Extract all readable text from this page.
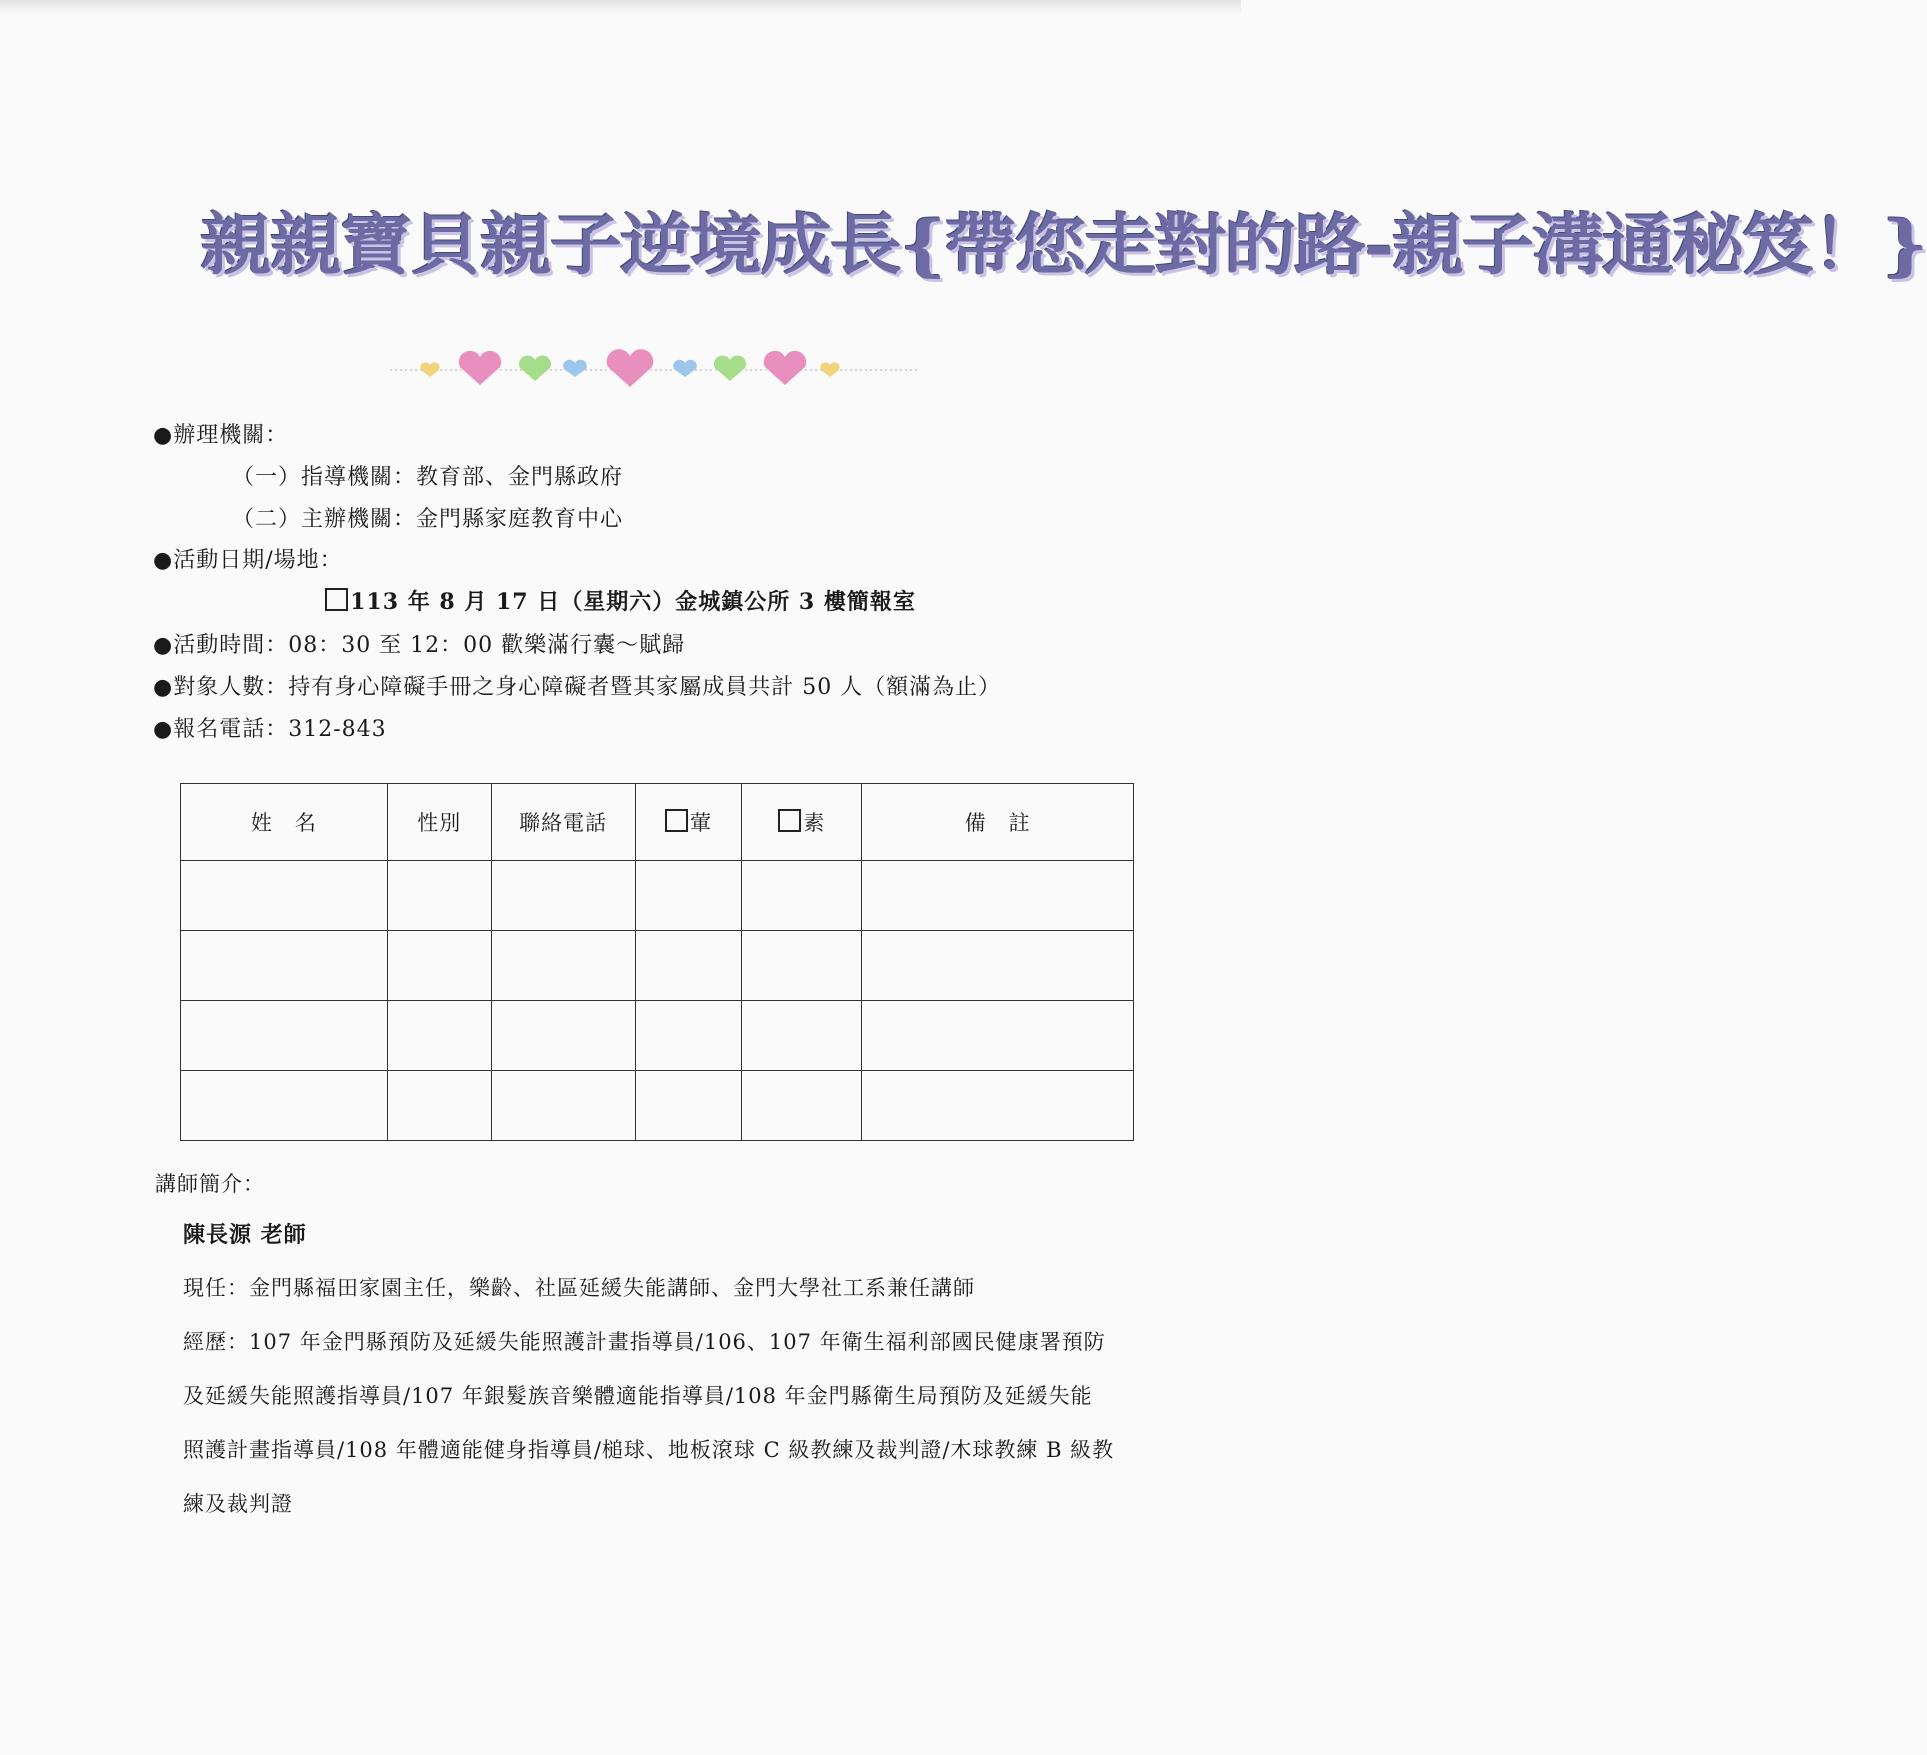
親親寶貝親子逆境成長{帶您走對的路-親子溝通秘笈！}
●辦理機關：
（一）指導機關：教育部、金門縣政府
（二）主辦機關：金門縣家庭教育中心
●活動日期/場地：
113 年 8 月 17 日（星期六）金城鎮公所 3 樓簡報室
●活動時間：08：30 至 12：00 歡樂滿行囊～賦歸
●對象人數：持有身心障礙手冊之身心障礙者暨其家屬成員共計 50 人（額滿為止）
●報名電話：312-843
姓　名	性別	聯絡電話	葷	素	備　註

講師簡介：
陳長源 老師
現任：金門縣福田家園主任，樂齡、社區延緩失能講師、金門大學社工系兼任講師
經歷：107 年金門縣預防及延緩失能照護計畫指導員/106、107 年衛生福利部國民健康署預防
及延緩失能照護指導員/107 年銀髮族音樂體適能指導員/108 年金門縣衛生局預防及延緩失能
照護計畫指導員/108 年體適能健身指導員/槌球、地板滾球 C 級教練及裁判證/木球教練 B 級教
練及裁判證
